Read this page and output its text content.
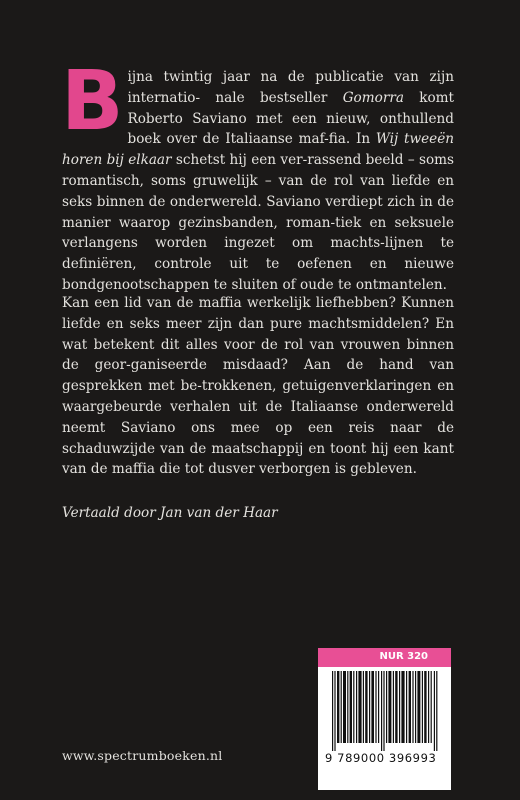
Bijna twintig jaar na de publicatie van zijn internatio- nale bestseller Gomorra komt Roberto Saviano met een nieuw, onthullend boek over de Italiaanse maf-fia. In Wij tweeën horen bij elkaar schetst hij een ver-rassend beeld – soms romantisch, soms gruwelijk – van de rol van liefde en seks binnen de onderwereld. Saviano verdiept zich in de manier waarop gezinsbanden, roman-tiek en seksuele verlangens worden ingezet om machts-lijnen te definiëren, controle uit te oefenen en nieuwe bondgenootschappen te sluiten of oude te ontmantelen.

Kan een lid van de maffia werkelijk liefhebben? Kunnen liefde en seks meer zijn dan pure machtsmiddelen? En wat betekent dit alles voor de rol van vrouwen binnen de geor-ganiseerde misdaad? Aan de hand van gesprekken met be-trokkenen, getuigenverklaringen en waargebeurde verhalen uit de Italiaanse onderwereld neemt Saviano ons mee op een reis naar de schaduwzijde van de maatschappij en toont hij een kant van de maffia die tot dusver verborgen is gebleven.

Vertaald door Jan van der Haar

NUR 320
9 789000 396993

www.spectrumboeken.nl
